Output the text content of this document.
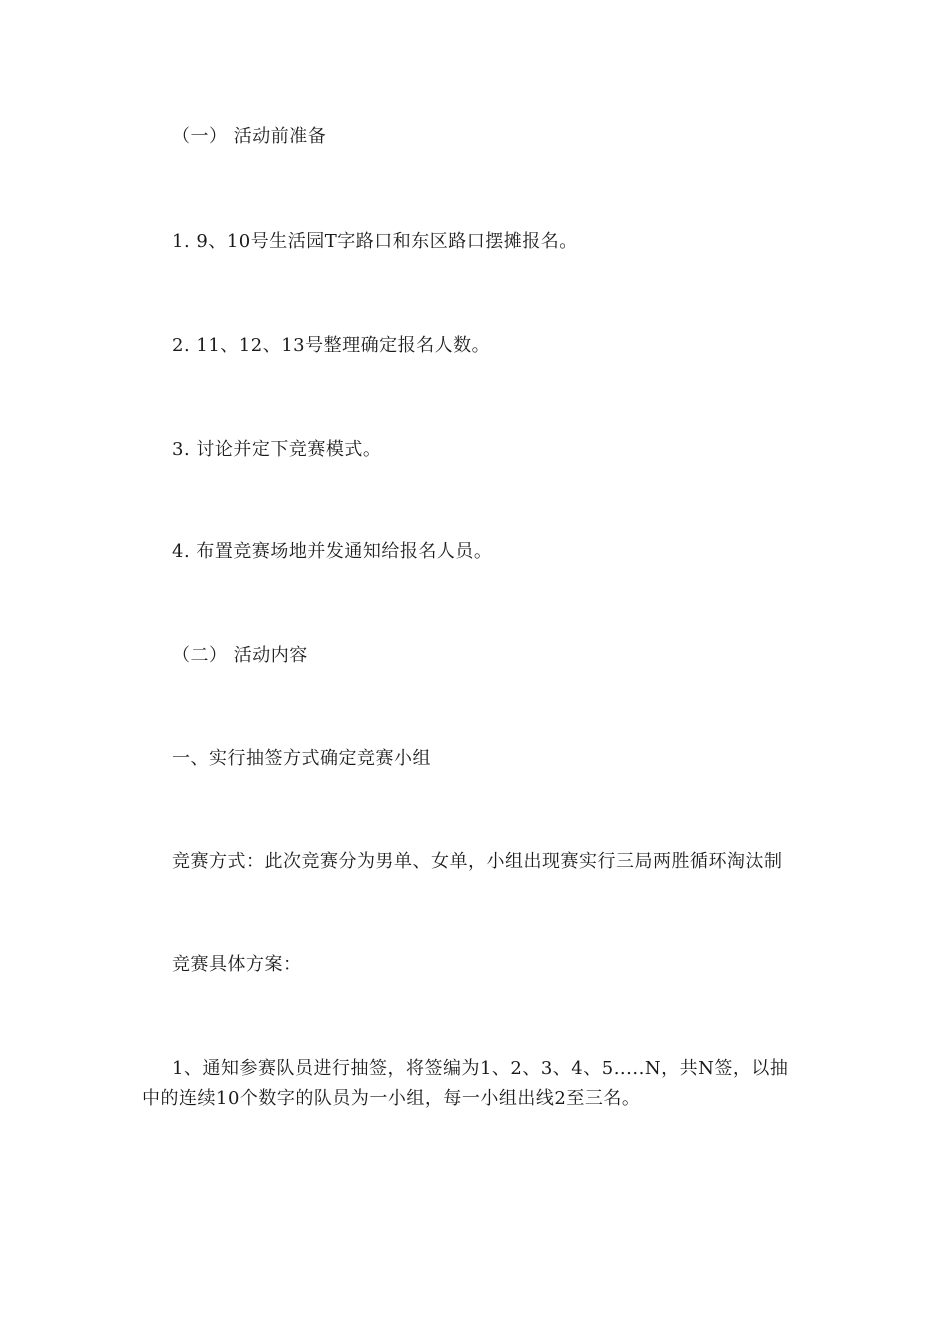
（一） 活动前准备
1. 9、10号生活园T字路口和东区路口摆摊报名。
2. 11、12、13号整理确定报名人数。
3. 讨论并定下竞赛模式。
4. 布置竞赛场地并发通知给报名人员。
（二） 活动内容
一、实行抽签方式确定竞赛小组
竞赛方式：此次竞赛分为男单、女单，小组出现赛实行三局两胜循环淘汰制
竞赛具体方案：
1、通知参赛队员进行抽签，将签编为1、2、3、4、5.....N，共N签，以抽中的连续10个数字的队员为一小组，每一小组出线2至三名。
